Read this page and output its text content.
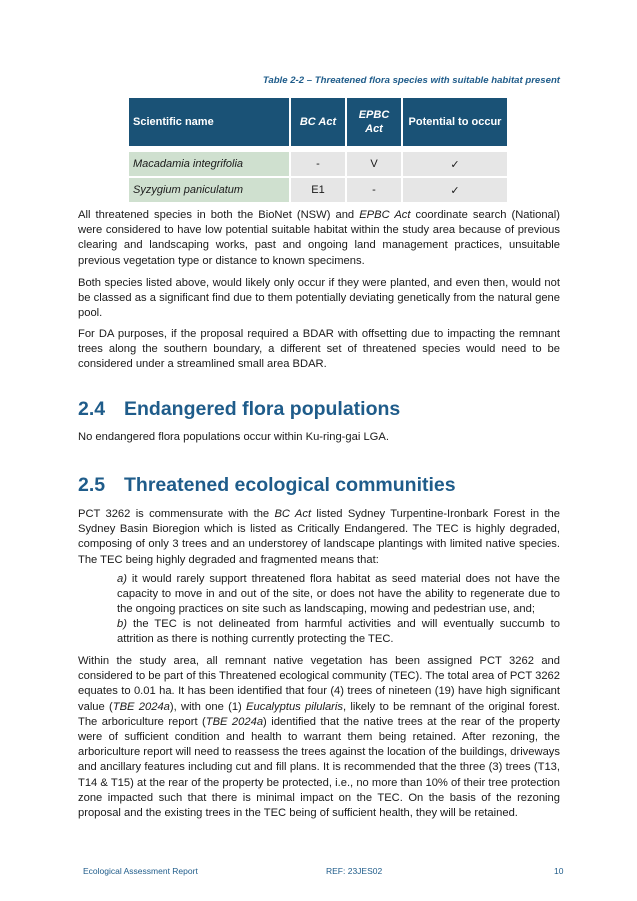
Table 2-2 – Threatened flora species with suitable habitat present
Scientific name	BC Act	EPBC Act	Potential to occur
Macadamia integrifolia	-	V	✓
Syzygium paniculatum	E1	-	✓

All threatened species in both the BioNet (NSW) and EPBC Act coordinate search (National) were considered to have low potential suitable habitat within the study area because of previous clearing and landscaping works, past and ongoing land management practices, unsuitable previous vegetation type or distance to known specimens.

Both species listed above, would likely only occur if they were planted, and even then, would not be classed as a significant find due to them potentially deviating genetically from the natural gene pool.

For DA purposes, if the proposal required a BDAR with offsetting due to impacting the remnant trees along the southern boundary, a different set of threatened species would need to be considered under a streamlined small area BDAR.

2.4 Endangered flora populations

No endangered flora populations occur within Ku-ring-gai LGA.

2.5 Threatened ecological communities

PCT 3262 is commensurate with the BC Act listed Sydney Turpentine-Ironbark Forest in the Sydney Basin Bioregion which is listed as Critically Endangered. The TEC is highly degraded, composing of only 3 trees and an understorey of landscape plantings with limited native species. The TEC being highly degraded and fragmented means that:

a) it would rarely support threatened flora habitat as seed material does not have the capacity to move in and out of the site, or does not have the ability to regenerate due to the ongoing practices on site such as landscaping, mowing and pedestrian use, and;

b) the TEC is not delineated from harmful activities and will eventually succumb to attrition as there is nothing currently protecting the TEC.

Within the study area, all remnant native vegetation has been assigned PCT 3262 and considered to be part of this Threatened ecological community (TEC). The total area of PCT 3262 equates to 0.01 ha. It has been identified that four (4) trees of nineteen (19) have high significant value (TBE 2024a), with one (1) Eucalyptus pilularis, likely to be remnant of the original forest. The arboriculture report (TBE 2024a) identified that the native trees at the rear of the property were of sufficient condition and health to warrant them being retained. After rezoning, the arboriculture report will need to reassess the trees against the location of the buildings, driveways and ancillary features including cut and fill plans. It is recommended that the three (3) trees (T13, T14 & T15) at the rear of the property be protected, i.e., no more than 10% of their tree protection zone impacted such that there is minimal impact on the TEC. On the basis of the rezoning proposal and the existing trees in the TEC being of sufficient health, they will be retained.

Ecological Assessment Report	REF: 23JES02	10
